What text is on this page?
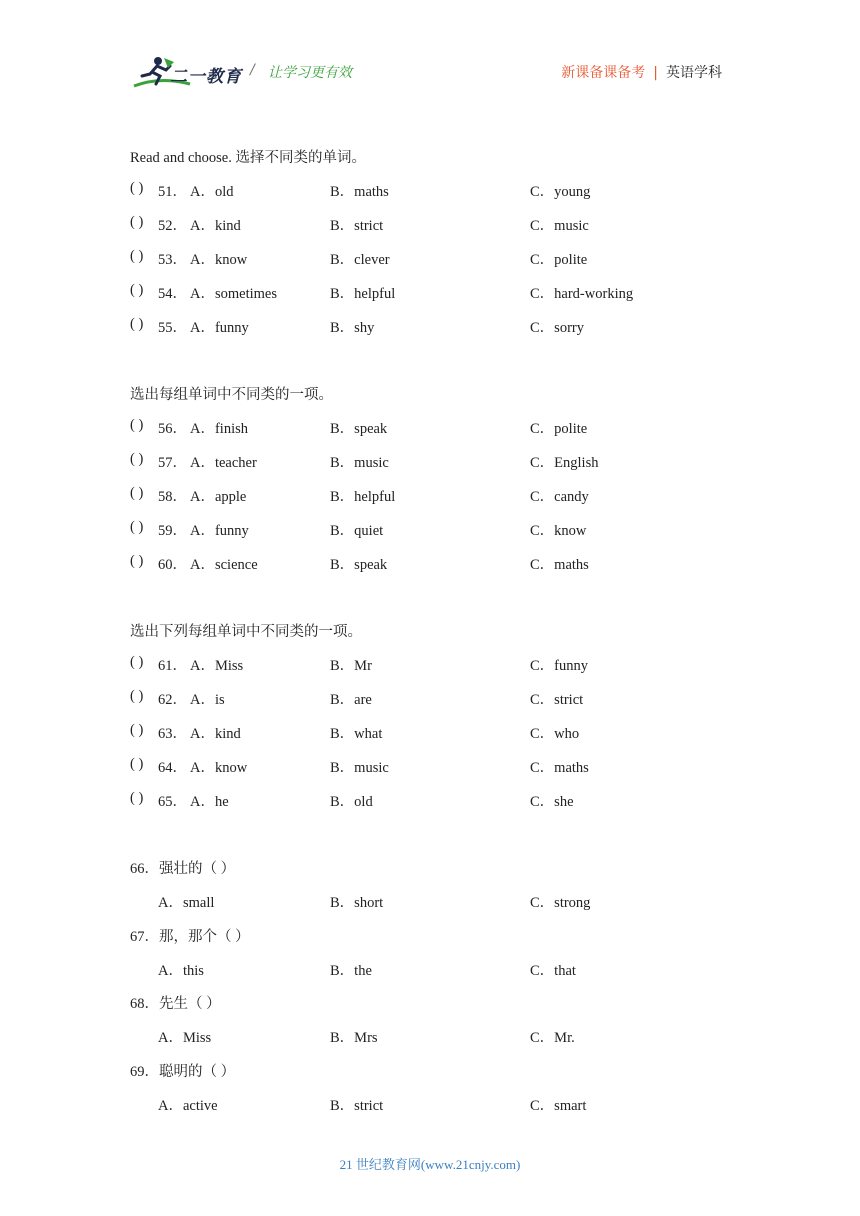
二一教育 / 让学习更有效	新课备课备考 | 英语学科
Read and choose. 选择不同类的单词。
( ) 51． A．old	B．maths	C．young
( ) 52． A．kind	B．strict	C．music
( ) 53． A．know	B．clever	C．polite
( ) 54． A．sometimes	B．helpful	C．hard-working
( ) 55． A．funny	B．shy	C．sorry
选出每组单词中不同类的一项。
( ) 56． A．finish	B．speak	C．polite
( ) 57． A．teacher	B．music	C．English
( ) 58． A．apple	B．helpful	C．candy
( ) 59． A．funny	B．quiet	C．know
( ) 60． A．science	B．speak	C．maths
选出下列每组单词中不同类的一项。
( ) 61． A．Miss	B．Mr	C．funny
( ) 62． A．is	B．are	C．strict
( ) 63． A．kind	B．what	C．who
( ) 64． A．know	B．music	C．maths
( ) 65． A．he	B．old	C．she
66．强壮的（ ）
A．small	B．short	C．strong
67．那，那个（ ）
A．this	B．the	C．that
68．先生（ ）
A．Miss	B．Mrs	C．Mr.
69．聪明的（ ）
A．active	B．strict	C．smart
21 世纪教育网(www.21cnjy.com)
